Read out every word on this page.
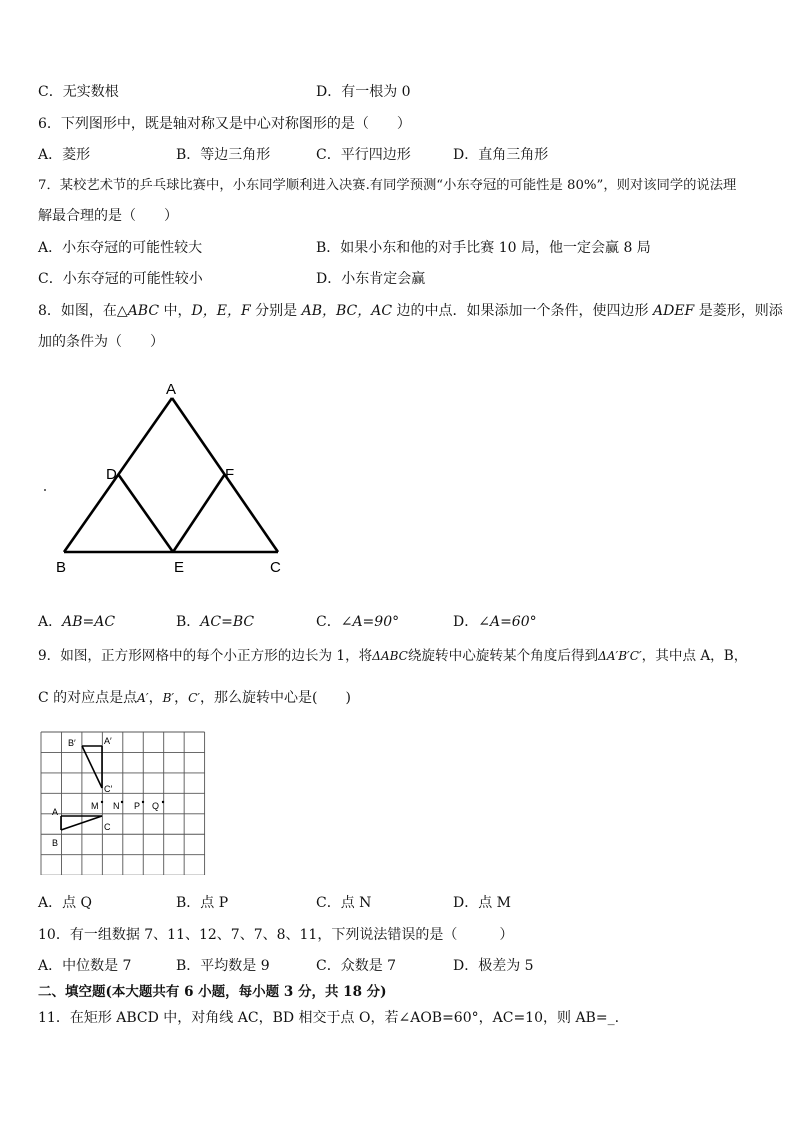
C．无实数根	D．有一根为 0
6．下列图形中，既是轴对称又是中心对称图形的是（　　）
A．菱形	B．等边三角形	C．平行四边形	D．直角三角形
7．某校艺术节的乒乓球比赛中，小东同学顺利进入决赛.有同学预测“小东夺冠的可能性是 80%”，则对该同学的说法理
解最合理的是（　　）
A．小东夺冠的可能性较大	B．如果小东和他的对手比赛 10 局，他一定会赢 8 局
C．小东夺冠的可能性较小	D．小东肯定会赢
8．如图，在△ABC 中，D，E，F 分别是 AB，BC，AC 边的中点．如果添加一个条件，使四边形 ADEF 是菱形，则添
加的条件为（　　）
A
D	F
B	E	C
A．AB=AC	B．AC=BC	C．∠A=90°	D．∠A=60°
9．如图，正方形网格中的每个小正方形的边长为 1，将ΔABC绕旋转中心旋转某个角度后得到ΔA′B′C′，其中点 A，B，
C 的对应点是点A′，B′，C′，那么旋转中心是(　　)
B′	A′
C′
M N P Q
A
C
B
A．点 Q	B．点 P	C．点 N	D．点 M
10．有一组数据 7、11、12、7、7、8、11，下列说法错误的是（　　　）
A．中位数是 7	B．平均数是 9	C．众数是 7	D．极差为 5
二、填空题(本大题共有 6 小题，每小题 3 分，共 18 分)
11．在矩形 ABCD 中，对角线 AC，BD 相交于点 O，若∠AOB=60°，AC=10，则 AB=_.
